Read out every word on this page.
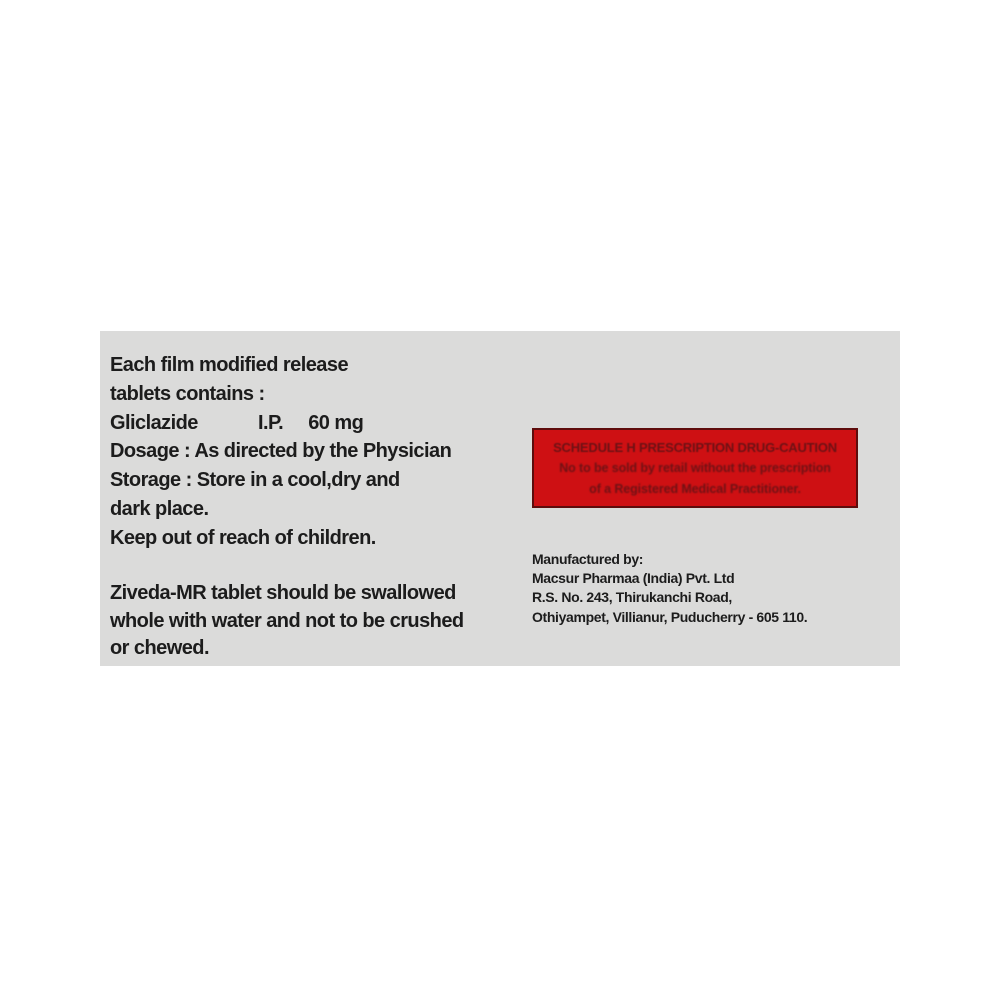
Each film modified release
tablets contains :
Gliclazide            I.P.     60 mg
Dosage : As directed by the Physician
Storage : Store in a cool,dry and
dark place.
Keep out of reach of children.
Ziveda-MR tablet should be swallowed
whole with water and not to be crushed
or chewed.
SCHEDULE H PRESCRIPTION DRUG-CAUTION
No to be sold by retail without the prescription
of a Registered Medical Practitioner.
Manufactured by:
Macsur Pharmaa (India) Pvt. Ltd
R.S. No. 243, Thirukanchi Road,
Othiyampet, Villianur, Puducherry - 605 110.
